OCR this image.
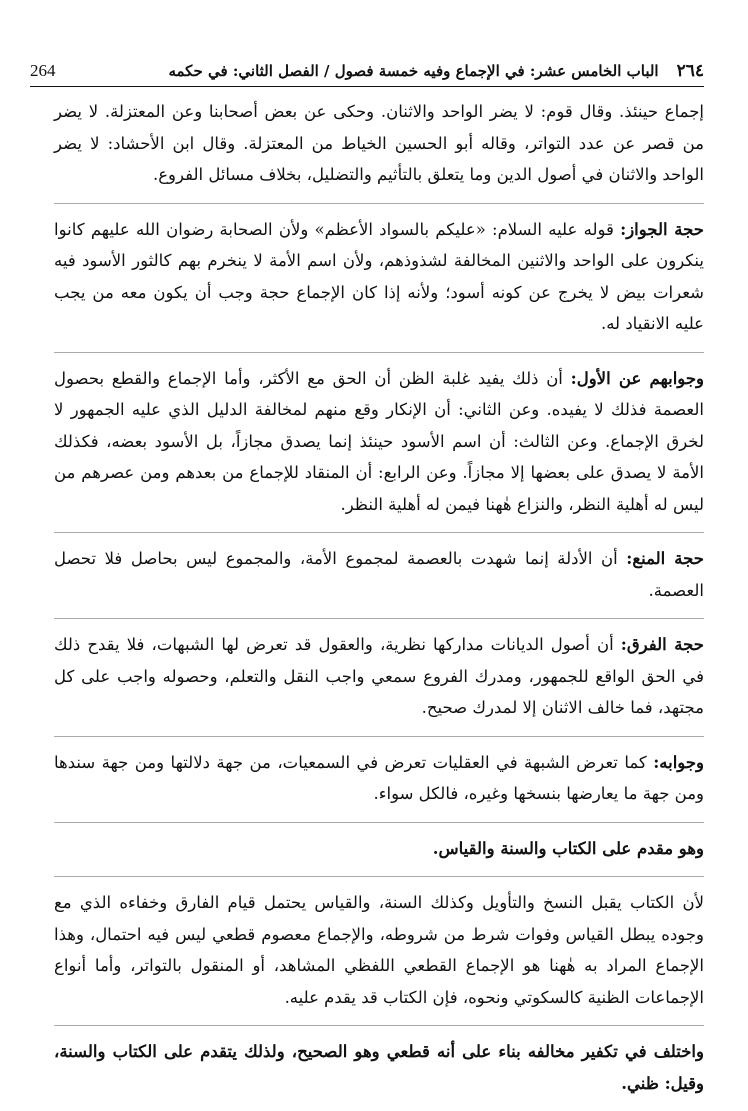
264	الباب الخامس عشر: في الإجماع وفيه خمسة فصول / الفصل الثاني: في حكمه ٢٦٤

إجماع حينئذ. وقال قوم: لا يضر الواحد والاثنان. وحكى عن بعض أصحابنا وعن المعتزلة. لا يضر من قصر عن عدد التواتر، وقاله أبو الحسين الخياط من المعتزلة. وقال ابن الأحشاد: لا يضر الواحد والاثنان في أصول الدين وما يتعلق بالتأثيم والتضليل، بخلاف مسائل الفروع.

حجة الجواز: قوله عليه السلام: «عليكم بالسواد الأعظم» ولأن الصحابة رضوان الله عليهم كانوا ينكرون على الواحد والاثنين المخالفة لشذوذهم، ولأن اسم الأمة لا ينخرم بهم كالثور الأسود فيه شعرات بيض لا يخرج عن كونه أسود؛ ولأنه إذا كان الإجماع حجة وجب أن يكون معه من يجب عليه الانقياد له.

وجوابهم عن الأول: أن ذلك يفيد غلبة الظن أن الحق مع الأكثر، وأما الإجماع والقطع بحصول العصمة فذلك لا يفيده. وعن الثاني: أن الإنكار وقع منهم لمخالفة الدليل الذي عليه الجمهور لا لخرق الإجماع. وعن الثالث: أن اسم الأسود حينئذ إنما يصدق مجازاً، بل الأسود بعضه، فكذلك الأمة لا يصدق على بعضها إلا مجازاً. وعن الرابع: أن المنقاد للإجماع من بعدهم ومن عصرهم من ليس له أهلية النظر، والنزاع هٰهنا فيمن له أهلية النظر.

حجة المنع: أن الأدلة إنما شهدت بالعصمة لمجموع الأمة، والمجموع ليس بحاصل فلا تحصل العصمة.

حجة الفرق: أن أصول الديانات مداركها نظرية، والعقول قد تعرض لها الشبهات، فلا يقدح ذلك في الحق الواقع للجمهور، ومدرك الفروع سمعي واجب النقل والتعلم، وحصوله واجب على كل مجتهد، فما خالف الاثنان إلا لمدرك صحيح.

وجوابه: كما تعرض الشبهة في العقليات تعرض في السمعيات، من جهة دلالتها ومن جهة سندها ومن جهة ما يعارضها بنسخها وغيره، فالكل سواء.

وهو مقدم على الكتاب والسنة والقياس.

لأن الكتاب يقبل النسخ والتأويل وكذلك السنة، والقياس يحتمل قيام الفارق وخفاءه الذي مع وجوده يبطل القياس وفوات شرط من شروطه، والإجماع معصوم قطعي ليس فيه احتمال، وهذا الإجماع المراد به هٰهنا هو الإجماع القطعي اللفظي المشاهد، أو المنقول بالتواتر، وأما أنواع الإجماعات الظنية كالسكوتي ونحوه، فإن الكتاب قد يقدم عليه.

واختلف في تكفير مخالفه بناء على أنه قطعي وهو الصحيح، ولذلك يتقدم على الكتاب والسنة، وقيل: ظني.
